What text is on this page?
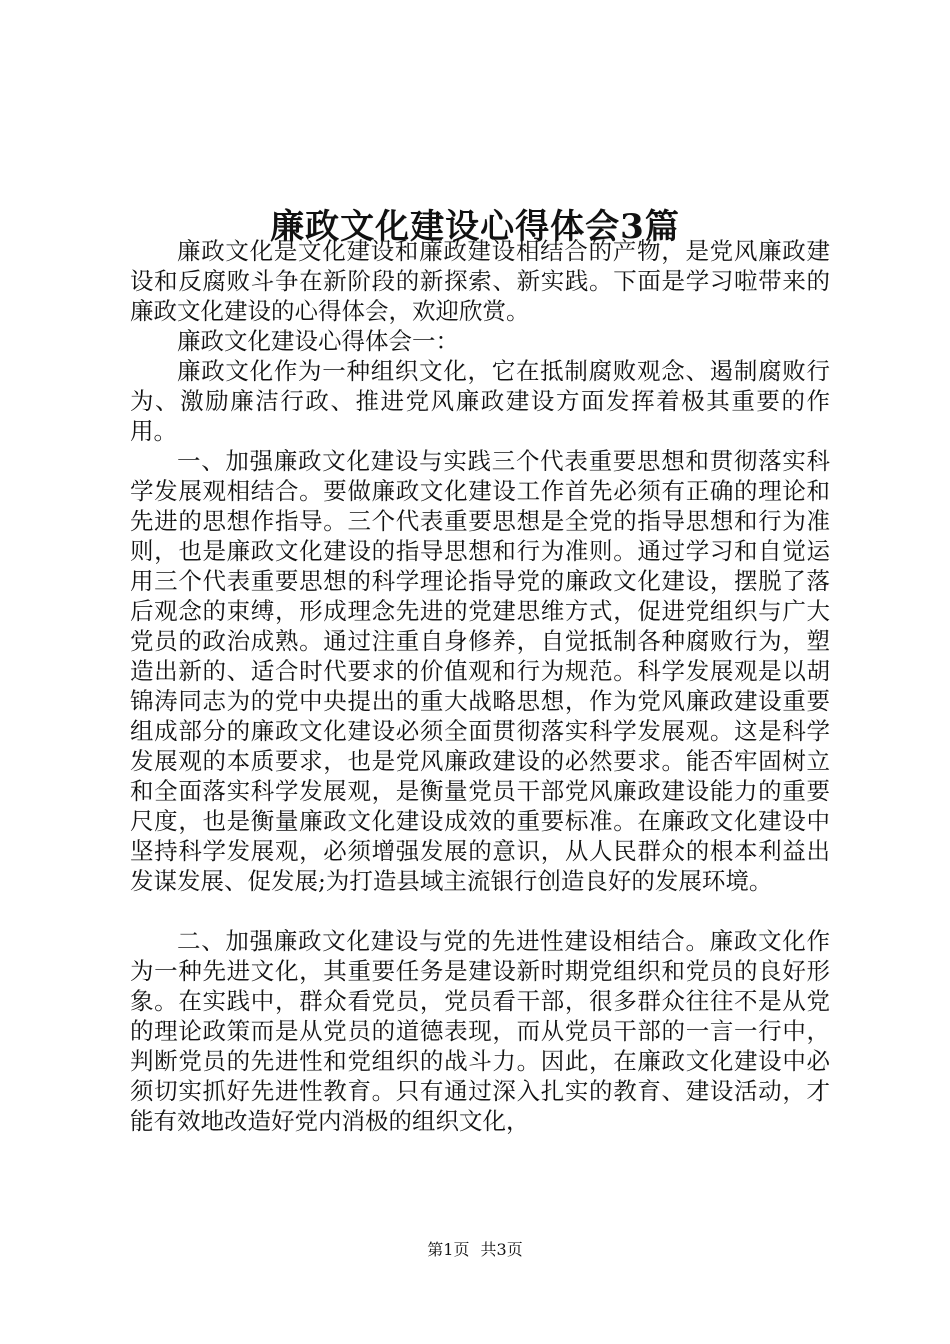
廉政文化建设心得体会3篇

廉政文化是文化建设和廉政建设相结合的产物，是党风廉政建设和反腐败斗争在新阶段的新探索、新实践。下面是学习啦带来的廉政文化建设的心得体会，欢迎欣赏。

廉政文化建设心得体会一：

廉政文化作为一种组织文化，它在抵制腐败观念、遏制腐败行为、激励廉洁行政、推进党风廉政建设方面发挥着极其重要的作用。

一、加强廉政文化建设与实践三个代表重要思想和贯彻落实科学发展观相结合。要做廉政文化建设工作首先必须有正确的理论和先进的思想作指导。三个代表重要思想是全党的指导思想和行为准则，也是廉政文化建设的指导思想和行为准则。通过学习和自觉运用三个代表重要思想的科学理论指导党的廉政文化建设，摆脱了落后观念的束缚，形成理念先进的党建思维方式，促进党组织与广大党员的政治成熟。通过注重自身修养，自觉抵制各种腐败行为，塑造出新的、适合时代要求的价值观和行为规范。科学发展观是以胡锦涛同志为的党中央提出的重大战略思想，作为党风廉政建设重要组成部分的廉政文化建设必须全面贯彻落实科学发展观。这是科学发展观的本质要求，也是党风廉政建设的必然要求。能否牢固树立和全面落实科学发展观，是衡量党员干部党风廉政建设能力的重要尺度，也是衡量廉政文化建设成效的重要标准。在廉政文化建设中坚持科学发展观，必须增强发展的意识，从人民群众的根本利益出发谋发展、促发展;为打造县域主流银行创造良好的发展环境。

二、加强廉政文化建设与党的先进性建设相结合。廉政文化作为一种先进文化，其重要任务是建设新时期党组织和党员的良好形象。在实践中，群众看党员，党员看干部，很多群众往往不是从党的理论政策而是从党员的道德表现，而从党员干部的一言一行中，判断党员的先进性和党组织的战斗力。因此，在廉政文化建设中必须切实抓好先进性教育。只有通过深入扎实的教育、建设活动，才能有效地改造好党内消极的组织文化，

第1页 共3页
